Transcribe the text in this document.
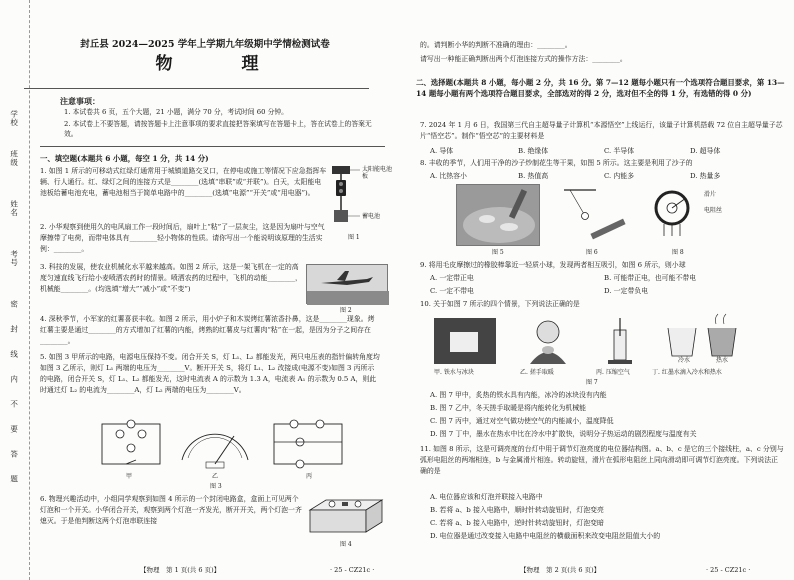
学校
班级
姓名
考号
密
封
线
内
不
要
答
题
封丘县 2024—2025 学年上学期九年级期中学情检测试卷
物　理
注意事项：
1. 本试卷共 6 页，五个大题，21 小题，满分 70 分，考试时间 60 分钟。
2. 本试卷上不要答题，请按答题卡上注意事项的要求直接把答案填写在答题卡上，答在试卷上的答案无效。
一、填空题(本题共 6 小题，每空 1 分，共 14 分)
1. 如图 1 所示的可移动式红绿灯通常用于城镇道路交叉口，在停电或施工等情况下应急指挥车辆、行人通行。红、绿灯之间的连接方式是________(选填“串联”或“并联”)。白天，太阳能电池板给蓄电池充电，蓄电池相当于简单电路中的________(选填“电源”“开关”或“用电器”)。
太阳能电池板
蓄电池
图 1
2. 小华观察到使用久的电风扇工作一段时间后，扇叶上“粘”了一层灰尘，这是因为扇叶与空气摩擦带了电荷，而带电体具有________轻小物体的性质。请你写出一个能说明该原理的生活实例：________。
3. 科技的发展，使农业机械化水平越来越高。如图 2 所示，这是一架飞机在一定的高度匀速直线飞行给小麦喷洒农药时的情景。喷洒农药的过程中，飞机的动能________，机械能________。(均选填“增大”“减小”或“不变”)
图 2
4. 深秋季节，小军家的红薯喜获丰收。如图 2 所示，用小炉子和木炭烤红薯浓香扑鼻，这是________现象。烤红薯主要是通过________的方式增加了红薯的内能，烤熟的红薯皮与红薯肉“粘”在一起，是因为分子之间存在________。
5. 如图 3 甲所示的电路，电源电压保持不变。闭合开关 S，灯 L₁、L₂ 都能发光，两只电压表的指针偏转角度均如图 3 乙所示，则灯 L₁ 两端的电压为________V。断开开关 S，将灯 L₁、L₂ 改接成(电源不变)如图 3 丙所示的电路，闭合开关 S，灯 L₁、L₂ 都能发光，这时电流表 A 的示数为 1.3 A，电流表 A₁ 的示数为 0.5 A，则此时通过灯 L₂ 的电流为________A，灯 L₂ 两端的电压为________V。
甲	乙	丙
图 3
6. 物理兴趣活动中，小组同学观察到如图 4 所示的一个封闭电路盒，盒面上可见两个灯泡和一个开关。小华闭合开关，观察到两个灯泡一齐发光，断开开关，两个灯泡一齐熄灭。于是他判断这两个灯泡串联连接
图 4
【物理　第 1 页(共 6 页)】	· 25 - CZ21c ·
的。请判断小华的判断不准确的理由：________。
请写出一种能正确判断出两个灯泡连接方式的操作方法：________。
二、选择题(本题共 8 小题，每小题 2 分，共 16 分。第 7—12 题每小题只有一个选项符合题目要求，第 13—14 题每小题有两个选项符合题目要求，全部选对的得 2 分，选对但不全的得 1 分，有选错的得 0 分)
7. 2024 年 1 月 6 日，我国第三代自主超导量子计算机“本源悟空”上线运行，该量子计算机搭载 72 位自主超导量子芯片“悟空芯”。制作“悟空芯”的主要材料是
A. 导体	B. 绝缘体	C. 半导体	D. 超导体
8. 丰收的季节，人们用干净的沙子炒制花生等干果，如图 5 所示。这主要是利用了沙子的
A. 比热容小	B. 热值高	C. 内能多	D. 热量多
图 5	图 6
滑片
电阻丝
图 8
9. 将用毛皮摩擦过的橡胶棒靠近一轻质小球，发现两者相互吸引，如图 6 所示，则小球
A. 一定带正电	B. 可能带正电，也可能不带电
C. 一定不带电	D. 一定带负电
10. 关于如图 7 所示的四个情景，下列说法正确的是
冷水	热水
甲. 铁水与冰块	乙. 搓手取暖	丙. 压缩空气	丁. 红墨水滴入冷水和热水
图 7
A. 图 7 甲中，炙热的铁水具有内能，冰冷的冰块没有内能
B. 图 7 乙中，冬天搓手取暖是将内能转化为机械能
C. 图 7 丙中，通过对空气做功使空气的内能减小，温度降低
D. 图 7 丁中，墨水在热水中比在冷水中扩散快，说明分子热运动的剧烈程度与温度有关
11. 如图 8 所示，这是可调亮度的台灯中用于调节灯泡亮度的电位器结构图。a、b、c 是它的三个接线柱，a、c 分别与弧形电阻丝的两端相连，b 与金属滑片相连。转动旋钮，滑片在弧形电阻丝上同向滑动即可调节灯泡亮度。下列说法正确的是
A. 电位器应该和灯泡并联接入电路中
B. 若将 a、b 接入电路中，顺时针转动旋钮时，灯泡变亮
C. 若将 a、b 接入电路中，逆时针转动旋钮时，灯泡变暗
D. 电位器是通过改变接入电路中电阻丝的横截面积来改变电阻丝阻值大小的
【物理　第 2 页(共 6 页)】	· 25 - CZ21c ·
